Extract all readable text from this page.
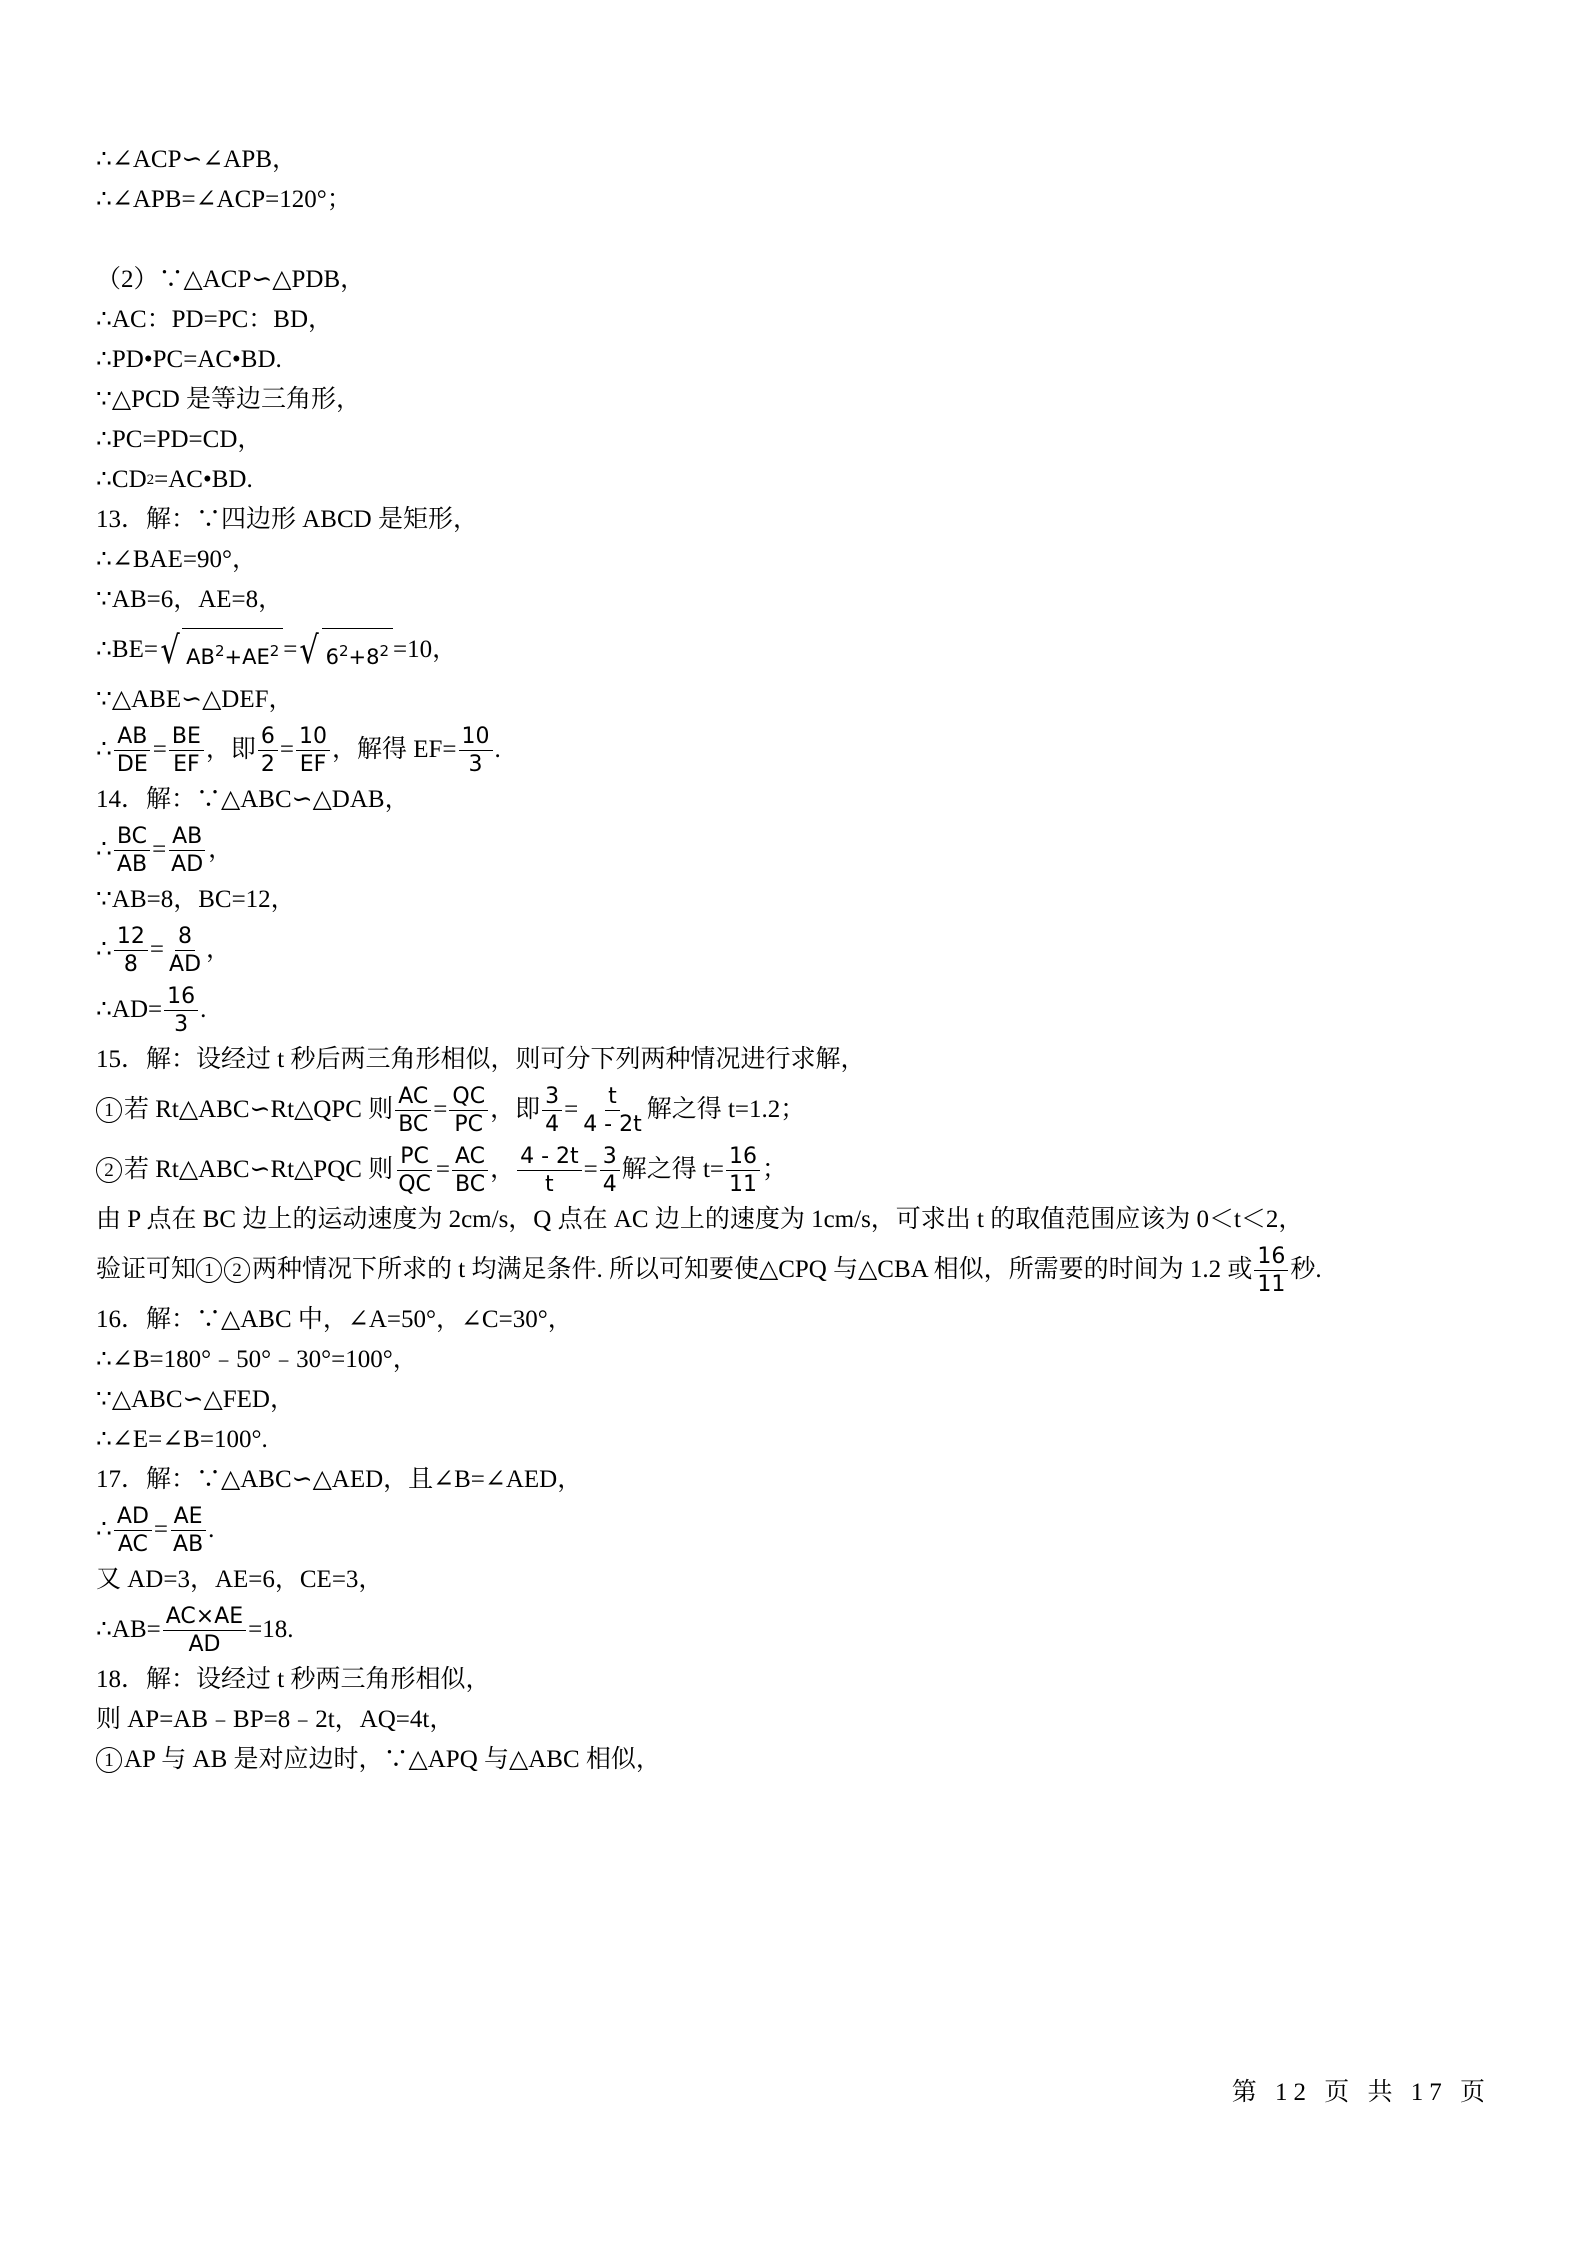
∴∠ACP∽∠APB，
∴∠APB=∠ACP=120°；
（2）∵△ACP∽△PDB，
∴AC：PD=PC：BD，
∴PD•PC=AC•BD.
∵△PCD 是等边三角形，
∴PC=PD=CD，
∴CD 2 =AC•BD.
13．解：∵四边形 ABCD 是矩形，
∴∠BAE=90°，
∵AB=6，AE=8，
∴BE= √ $AB^2+AE^2$ = √ $6^2+8^2 =10$，
∵△ABE∽△DEF，
∴ $\frac{AB}{DE} = \frac{BE}{EF}$ ，即 $\frac{6}{2} = \frac{10}{EF}$ ，解得 $EF= \frac{10}{3}$ .
14．解：∵△ABC∽△DAB，
∴ $\frac{BC}{AB} = \frac{AB}{AD}$ ，
∵AB=8，BC=12，
∴ $\frac{12}{8} = \frac{8}{AD}$ ，
∴AD= $\frac{16}{3}$ .
15．解：设经过 t 秒后两三角形相似，则可分下列两种情况进行求解，
1 若 Rt△ABC∽Rt△QPC 则 $\frac{AC}{BC} = \frac{QC}{PC}$ ，即 $\frac{3}{4} = \frac{t}{4 - 2t}$ 解之得 t=1.2；
2 若 Rt△ABC∽Rt△PQC 则 $\frac{PC}{QC} = \frac{AC}{BC}$ ， $\frac{4 - 2t}{t} = \frac{3}{4}$ 解之得 $t= \frac{16}{11}$ ；
由 P 点在 BC 边上的运动速度为 2cm/s，Q 点在 AC 边上的速度为 1cm/s，可求出 t 的取值范围应该为 0＜t＜2，
验证可知 1 2 两种情况下所求的 t 均满足条件. 所以可知要使△CPQ 与△CBA 相似，所需要的时间为 1.2 或 $\frac{16}{11}$ 秒.
16．解：∵△ABC 中，∠A=50°，∠C=30°，
∴∠B=180°﹣50°﹣30°=100°，
∵△ABC∽△FED，
∴∠E=∠B=100°.
17．解：∵△ABC∽△AED，且∠B=∠AED，
∴ $\frac{AD}{AC} = \frac{AE}{AB}$ .
又 AD=3，AE=6，CE=3，
∴AB= $\frac{AC\times AE}{AD} =18$.
18．解：设经过 t 秒两三角形相似，
则 AP=AB﹣BP=8﹣2t，AQ=4t，
1 AP 与 AB 是对应边时，∵△APQ 与△ABC 相似，
第 12 页 共 17 页
